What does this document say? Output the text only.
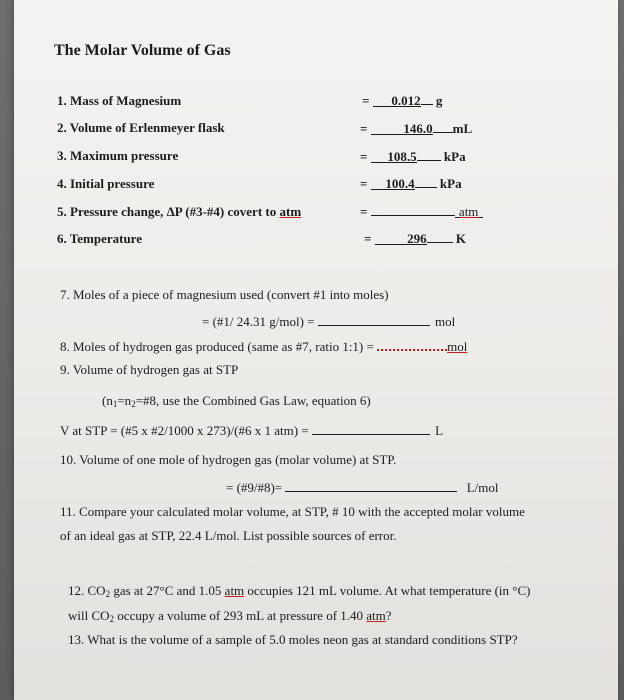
The Molar Volume of Gas
1. Mass of Magnesium	= 0.012 g
2. Volume of Erlenmeyer flask	=	146.0 mL
3. Maximum pressure	= 108.5 kPa
4. Initial pressure	= 100.4 kPa
5. Pressure change, ΔP (#3-#4) covert to atm	=	atm
6. Temperature	=	296 K
7. Moles of a piece of magnesium used (convert #1 into moles)
= (#1/ 24.31 g/mol) =	mol
8. Moles of hydrogen gas produced (same as #7, ratio 1:1) =	mol
9. Volume of hydrogen gas at STP
($n_1=n_2=\#8$, use the Combined Gas Law, equation 6)
V at STP = (#5 x #2/1000 x 273)/(#6 x 1 atm) =	L
10. Volume of one mole of hydrogen gas (molar volume) at STP.
= (#9/#8)=	L/mol
11. Compare your calculated molar volume, at STP, # 10 with the accepted molar volume
of an ideal gas at STP, 22.4 L/mol. List possible sources of error.
12. $CO_2$ gas at 27°C and 1.05 atm occupies 121 mL volume. At what temperature (in °C)
will $CO_2$ occupy a volume of 293 mL at pressure of 1.40 atm?
13. What is the volume of a sample of 5.0 moles neon gas at standard conditions STP?
